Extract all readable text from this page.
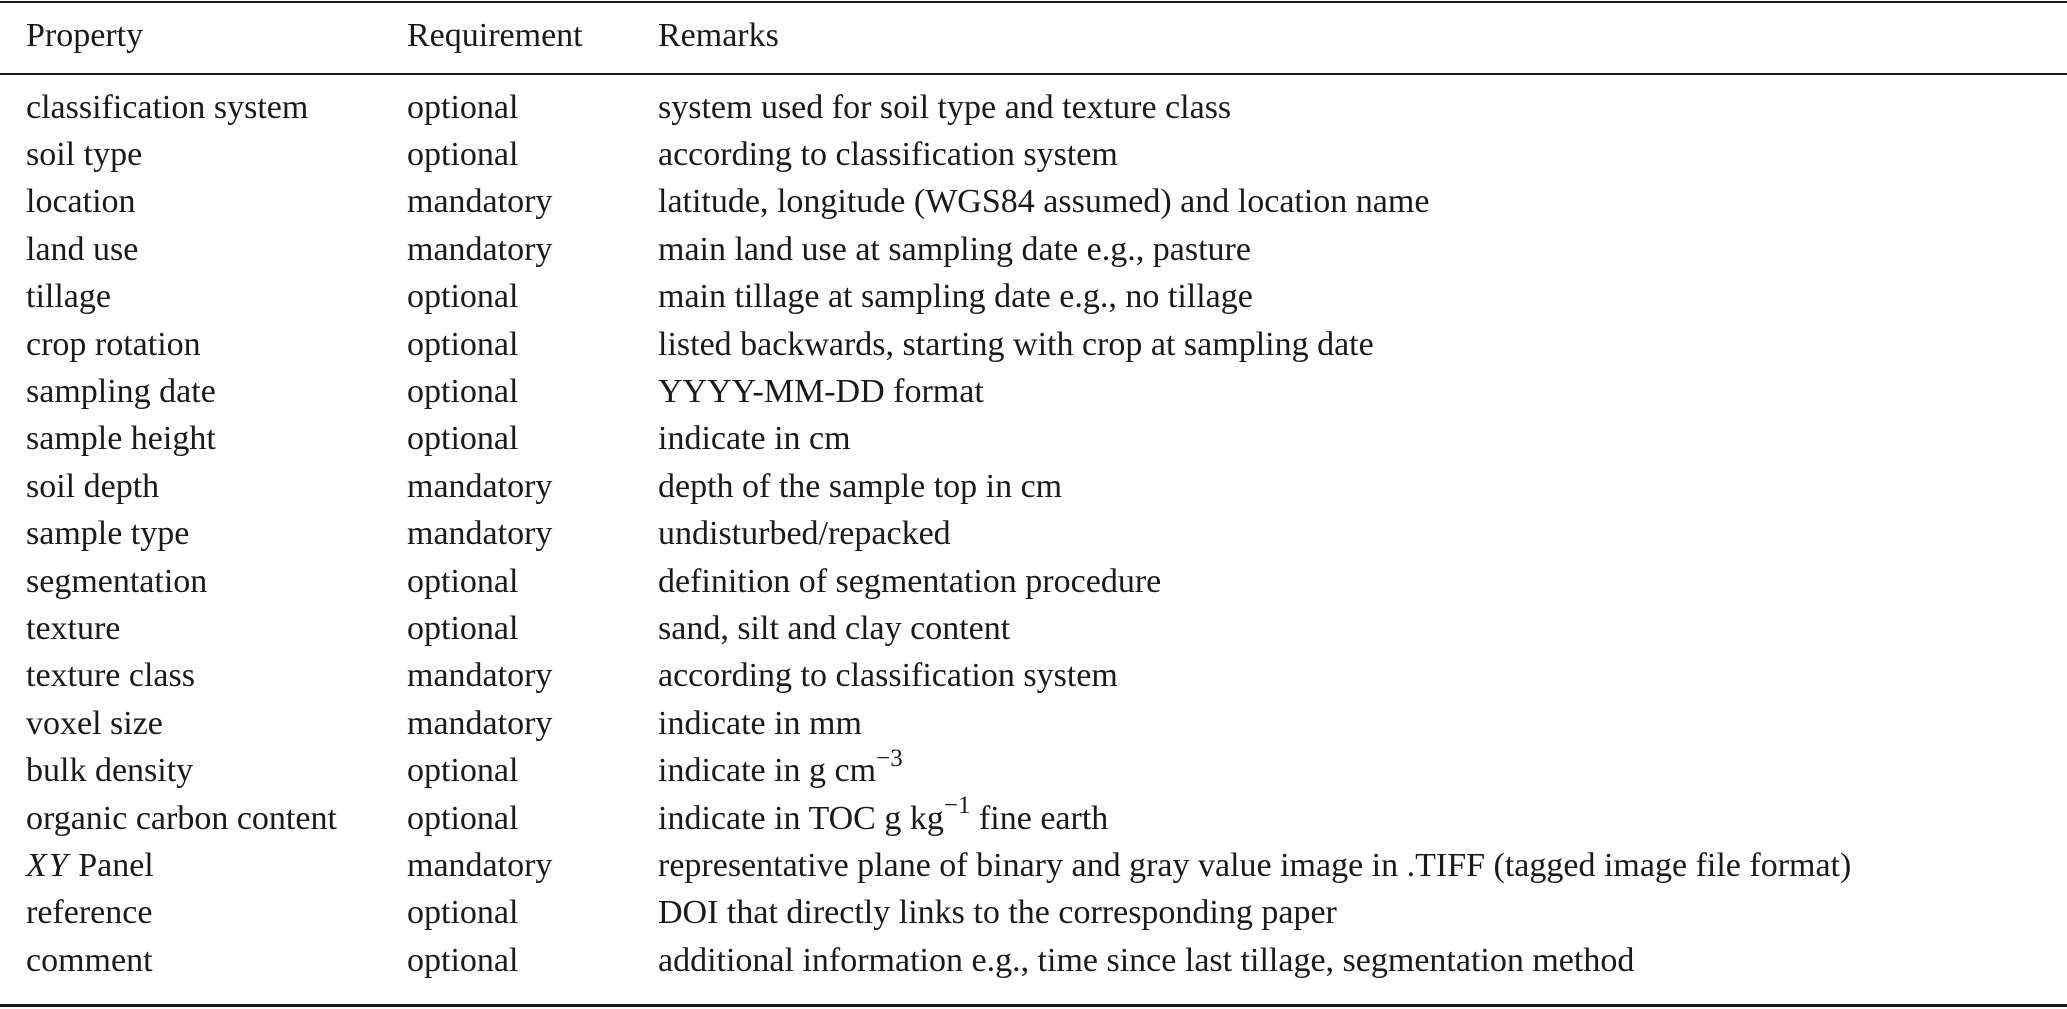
Property	Requirement	Remarks

classification system	optional	system used for soil type and texture class
soil type	optional	according to classification system
location	mandatory	latitude, longitude (WGS84 assumed) and location name
land use	mandatory	main land use at sampling date e.g., pasture
tillage	optional	main tillage at sampling date e.g., no tillage
crop rotation	optional	listed backwards, starting with crop at sampling date
sampling date	optional	YYYY-MM-DD format
sample height	optional	indicate in cm
soil depth	mandatory	depth of the sample top in cm
sample type	mandatory	undisturbed/repacked
segmentation	optional	definition of segmentation procedure
texture	optional	sand, silt and clay content
texture class	mandatory	according to classification system
voxel size	mandatory	indicate in mm
bulk density	optional	indicate in g $cm^{-3}$
organic carbon content	optional	indicate in TOC g $kg^{-1}$ fine earth
XY Panel	mandatory	representative plane of binary and gray value image in .TIFF (tagged image file format)
reference	optional	DOI that directly links to the corresponding paper
comment	optional	additional information e.g., time since last tillage, segmentation method
